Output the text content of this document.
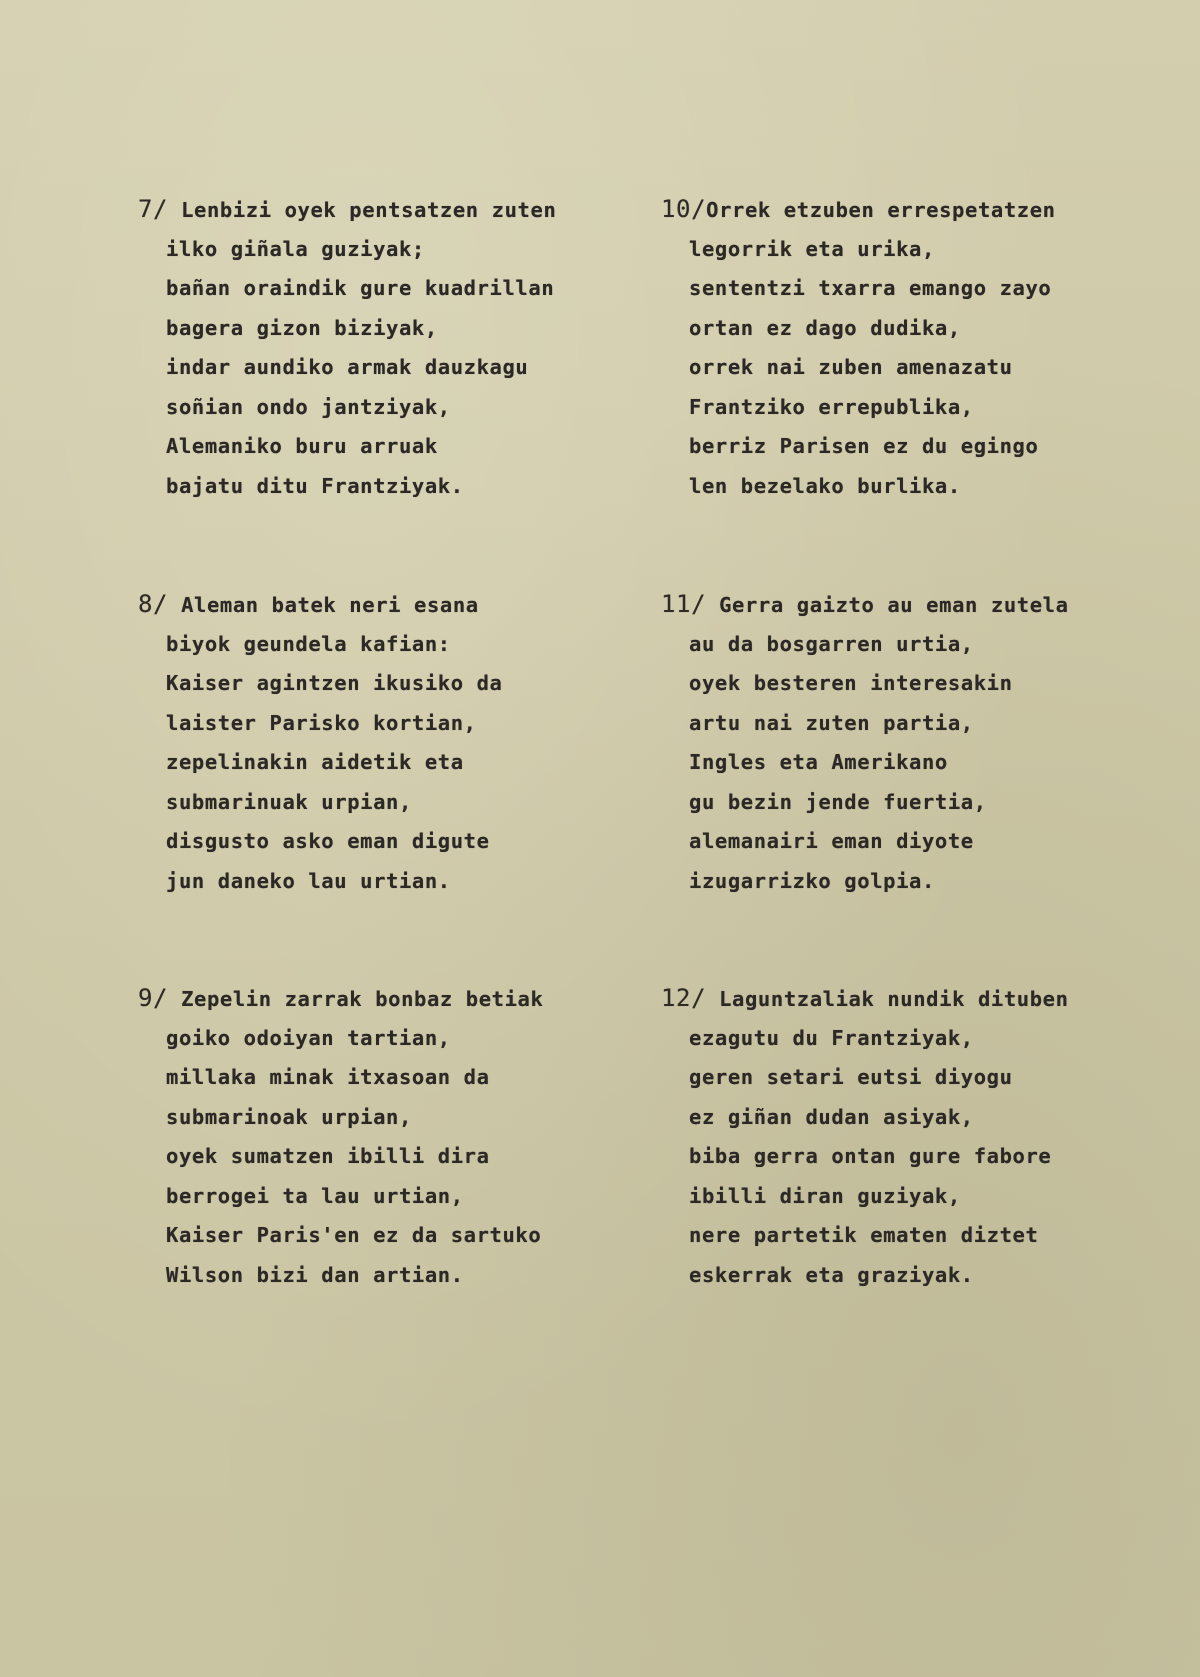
7/ Lenbizi oyek pentsatzen zuten
ilko giñala guziyak;
bañan oraindik gure kuadrillan
bagera gizon biziyak,
indar aundiko armak dauzkagu
soñian ondo jantziyak,
Alemaniko buru arruak
bajatu ditu Frantziyak.
10/Orrek etzuben errespetatzen
legorrik eta urika,
sententzi txarra emango zayo
ortan ez dago dudika,
orrek nai zuben amenazatu
Frantziko errepublika,
berriz Parisen ez du egingo
len bezelako burlika.
8/ Aleman batek neri esana
biyok geundela kafian:
Kaiser agintzen ikusiko da
laister Parisko kortian,
zepelinakin aidetik eta
submarinuak urpian,
disgusto asko eman digute
jun daneko lau urtian.
11/ Gerra gaizto au eman zutela
au da bosgarren urtia,
oyek besteren interesakin
artu nai zuten partia,
Ingles eta Amerikano
gu bezin jende fuertia,
alemanairi eman diyote
izugarrizko golpia.
9/ Zepelin zarrak bonbaz betiak
goiko odoiyan tartian,
millaka minak itxasoan da
submarinoak urpian,
oyek sumatzen ibilli dira
berrogei ta lau urtian,
Kaiser Paris'en ez da sartuko
Wilson bizi dan artian.
12/ Laguntzaliak nundik dituben
ezagutu du Frantziyak,
geren setari eutsi diyogu
ez giñan dudan asiyak,
biba gerra ontan gure fabore
ibilli diran guziyak,
nere partetik ematen diztet
eskerrak eta graziyak.
